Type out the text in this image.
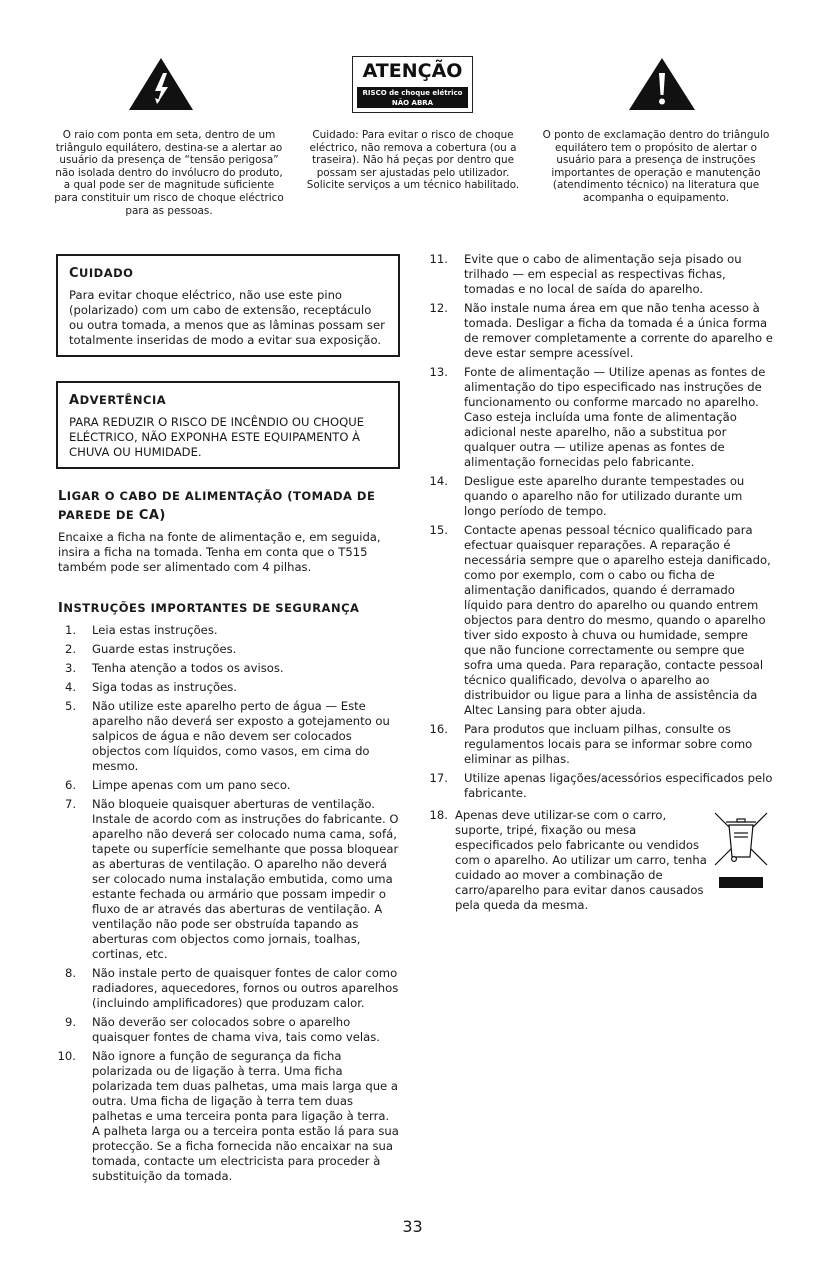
ATENÇÃO
RISCO de choque elétrico
NÃO ABRA
O raio com ponta em seta, dentro de um triângulo equilátero, destina-se a alertar ao usuário da presença de “tensão perigosa” não isolada dentro do invólucro do produto, a qual pode ser de magnitude suficiente para constituir um risco de choque eléctrico para as pessoas.
Cuidado: Para evitar o risco de choque eléctrico, não remova a cobertura (ou a traseira). Não há peças por dentro que possam ser ajustadas pelo utilizador. Solicite serviços a um técnico habilitado.
O ponto de exclamação dentro do triângulo equilátero tem o propósito de alertar o usuário para a presença de instruções importantes de operação e manutenção (atendimento técnico) na literatura que acompanha o equipamento.
CUIDADO
Para evitar choque eléctrico, não use este pino (polarizado) com um cabo de extensão, receptáculo ou outra tomada, a menos que as lâminas possam ser totalmente inseridas de modo a evitar sua exposição.
ADVERTÊNCIA
PARA REDUZIR O RISCO DE INCÊNDIO OU CHOQUE ELÉCTRICO, NÃO EXPONHA ESTE EQUIPAMENTO À CHUVA OU HUMIDADE.
LIGAR O CABO DE ALIMENTAÇÃO (TOMADA DE
PAREDE DE CA)
Encaixe a ficha na fonte de alimentação e, em seguida, insira a ficha na tomada. Tenha em conta que o T515 também pode ser alimentado com 4 pilhas.
INSTRUÇÕES IMPORTANTES DE SEGURANÇA
1. Leia estas instruções.
2. Guarde estas instruções.
3. Tenha atenção a todos os avisos.
4. Siga todas as instruções.
5. Não utilize este aparelho perto de água — Este aparelho não deverá ser exposto a gotejamento ou salpicos de água e não devem ser colocados objectos com líquidos, como vasos, em cima do mesmo.
6. Limpe apenas com um pano seco.
7. Não bloqueie quaisquer aberturas de ventilação. Instale de acordo com as instruções do fabricante. O aparelho não deverá ser colocado numa cama, sofá, tapete ou superfície semelhante que possa bloquear as aberturas de ventilação. O aparelho não deverá ser colocado numa instalação embutida, como uma estante fechada ou armário que possam impedir o fluxo de ar através das aberturas de ventilação. A ventilação não pode ser obstruída tapando as aberturas com objectos como jornais, toalhas, cortinas, etc.
8. Não instale perto de quaisquer fontes de calor como radiadores, aquecedores, fornos ou outros aparelhos (incluindo amplificadores) que produzam calor.
9. Não deverão ser colocados sobre o aparelho quaisquer fontes de chama viva, tais como velas.
10. Não ignore a função de segurança da ficha polarizada ou de ligação à terra. Uma ficha polarizada tem duas palhetas, uma mais larga que a outra. Uma ficha de ligação à terra tem duas palhetas e uma terceira ponta para ligação à terra. A palheta larga ou a terceira ponta estão lá para sua protecção. Se a ficha fornecida não encaixar na sua tomada, contacte um electricista para proceder à substituição da tomada.
11. Evite que o cabo de alimentação seja pisado ou trilhado — em especial as respectivas fichas, tomadas e no local de saída do aparelho.
12. Não instale numa área em que não tenha acesso à tomada. Desligar a ficha da tomada é a única forma de remover completamente a corrente do aparelho e deve estar sempre acessível.
13. Fonte de alimentação — Utilize apenas as fontes de alimentação do tipo especificado nas instruções de funcionamento ou conforme marcado no aparelho. Caso esteja incluída uma fonte de alimentação adicional neste aparelho, não a substitua por qualquer outra — utilize apenas as fontes de alimentação fornecidas pelo fabricante.
14. Desligue este aparelho durante tempestades ou quando o aparelho não for utilizado durante um longo período de tempo.
15. Contacte apenas pessoal técnico qualificado para efectuar quaisquer reparações. A reparação é necessária sempre que o aparelho esteja danificado, como por exemplo, com o cabo ou ficha de alimentação danificados, quando é derramado líquido para dentro do aparelho ou quando entrem objectos para dentro do mesmo, quando o aparelho tiver sido exposto à chuva ou humidade, sempre que não funcione correctamente ou sempre que sofra uma queda. Para reparação, contacte pessoal técnico qualificado, devolva o aparelho ao distribuidor ou ligue para a linha de assistência da Altec Lansing para obter ajuda.
16. Para produtos que incluam pilhas, consulte os regulamentos locais para se informar sobre como eliminar as pilhas.
17. Utilize apenas ligações/acessórios especificados pelo fabricante.
18. Apenas deve utilizar-se com o carro, suporte, tripé, fixação ou mesa especificados pelo fabricante ou vendidos com o aparelho. Ao utilizar um carro, tenha cuidado ao mover a combinação de carro/aparelho para evitar danos causados pela queda da mesma.
33
